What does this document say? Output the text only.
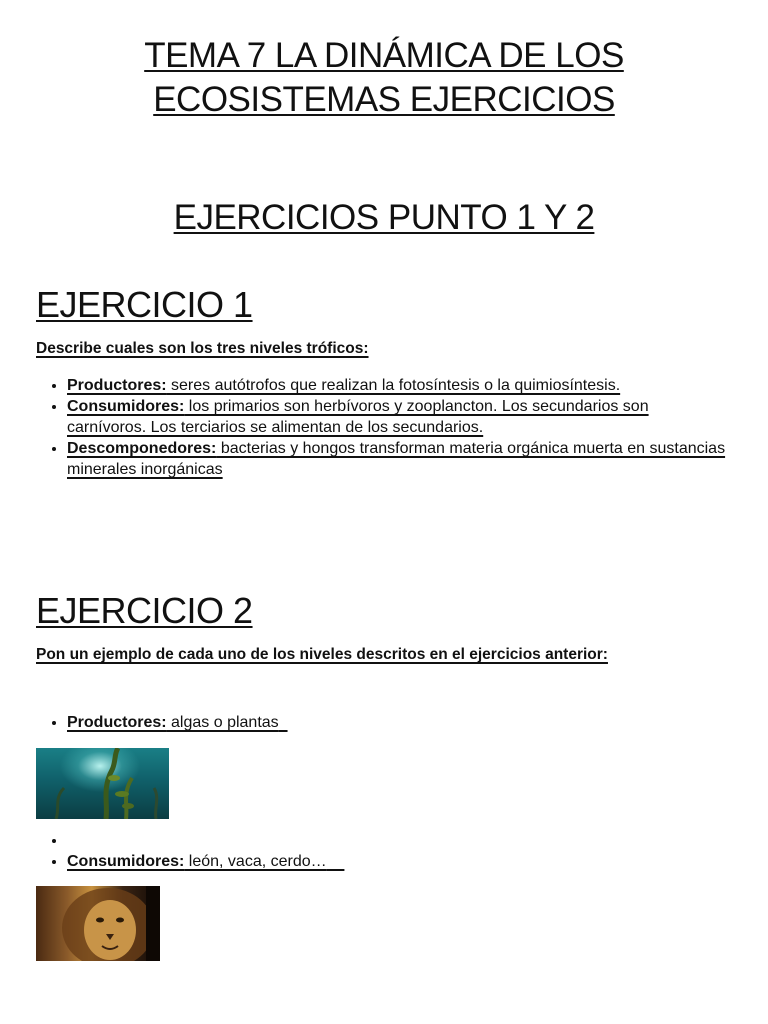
TEMA 7 LA DINÁMICA DE LOS
ECOSISTEMAS EJERCICIOS
EJERCICIOS PUNTO 1 Y 2
EJERCICIO 1

Describe cuales son los tres niveles tróficos:

• Productores: seres autótrofos que realizan la fotosíntesis o la quimiosíntesis.
• Consumidores: los primarios son herbívoros y zooplancton. Los secundarios son carnívoros. Los terciarios se alimentan de los secundarios.
• Descomponedores: bacterias y hongos transforman materia orgánica muerta en sustancias minerales inorgánicas
EJERCICIO 2

Pon un ejemplo de cada uno de los niveles descritos en el ejercicios anterior:

• Productores: algas o plantas
•
• Consumidores: león, vaca, cerdo…
